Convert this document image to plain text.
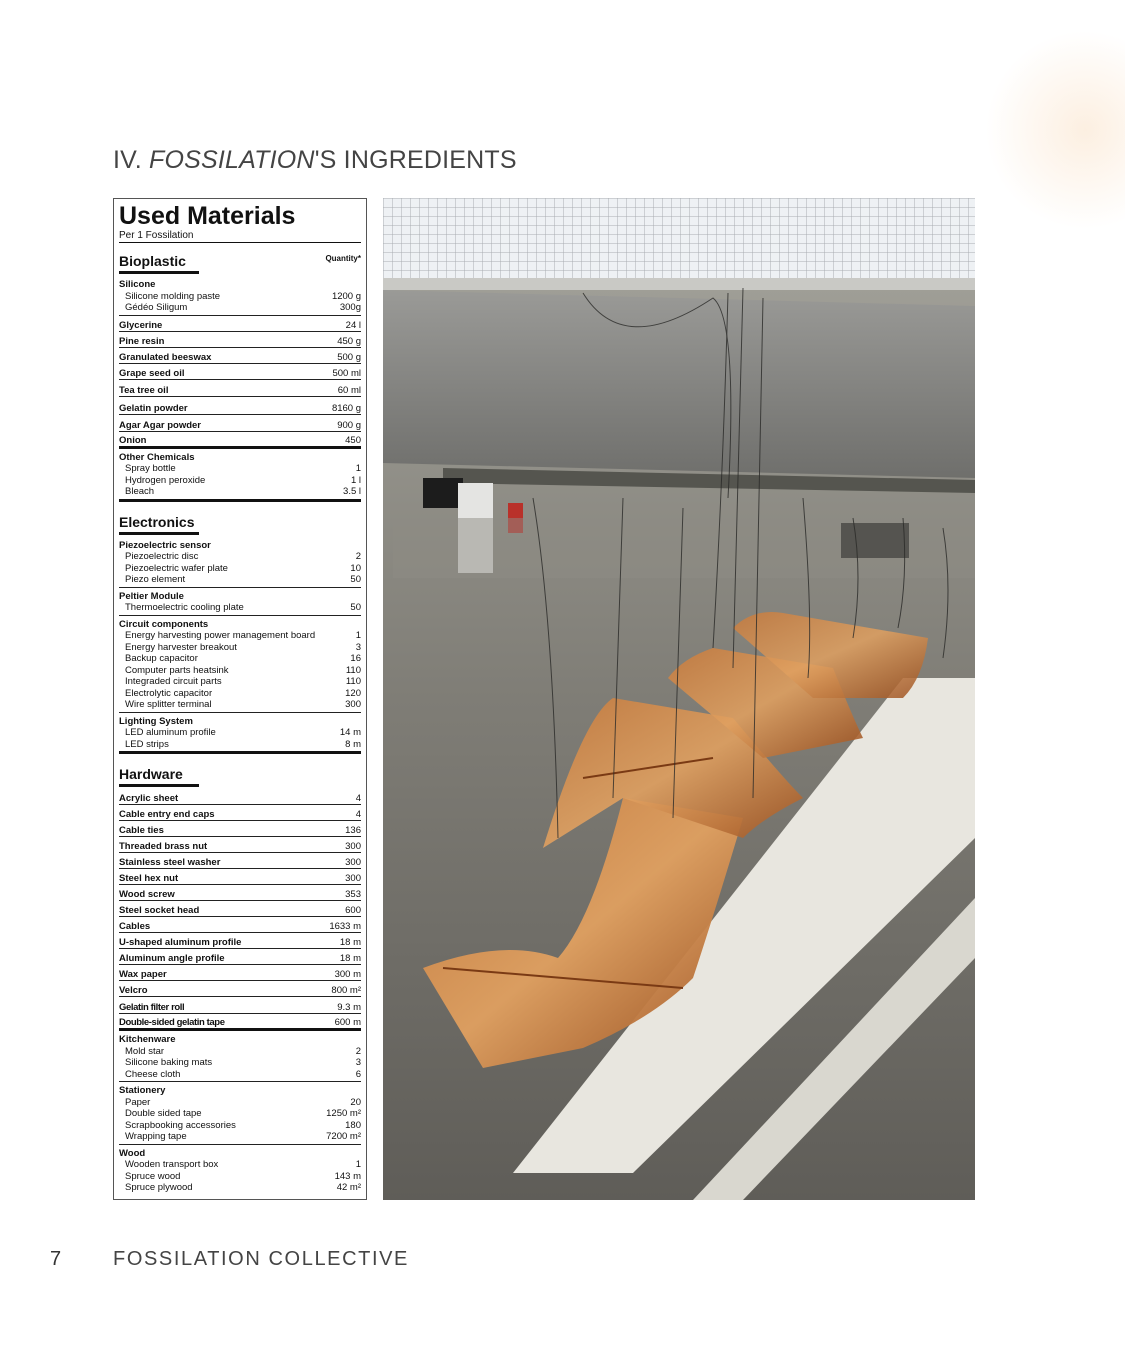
IV. FOSSILATION'S INGREDIENTS
Used Materials
Per 1 Fossilation
Bioplastic	Quantity*
Silicone
Silicone molding paste	1200 g
Gédéo Siligum	300g
Glycerine	24 l
Pine resin	450 g
Granulated beeswax	500 g
Grape seed oil	500 ml
Tea tree oil	60 ml
Gelatin powder	8160 g
Agar Agar powder	900 g
Onion	450
Other Chemicals
Spray bottle	1
Hydrogen peroxide	1 l
Bleach	3.5 l
Electronics
Piezoelectric sensor
Piezoelectric disc	2
Piezoelectric wafer plate	10
Piezo element	50
Peltier Module
Thermoelectric cooling plate	50
Circuit components
Energy harvesting power management board	1
Energy harvester breakout	3
Backup capacitor	16
Computer parts heatsink	110
Integraded circuit parts	110
Electrolytic capacitor	120
Wire splitter terminal	300
Lighting System
LED aluminum profile	14 m
LED strips	8 m
Hardware
Acrylic sheet	4
Cable entry end caps	4
Cable ties	136
Threaded brass nut	300
Stainless steel washer	300
Steel hex nut	300
Wood screw	353
Steel socket head	600
Cables	1633 m
U-shaped aluminum profile	18 m
Aluminum angle profile	18 m
Wax paper	300 m
Velcro	800 m²
Gelatin filter roll	9.3 m
Double-sided gelatin tape	600 m
Kitchenware
Mold star	2
Silicone baking mats	3
Cheese cloth	6
Stationery
Paper	20
Double sided tape	1250 m²
Scrapbooking accessories	180
Wrapping tape	7200 m²
Wood
Wooden transport box	1
Spruce wood	143 m
Spruce plywood	42 m²
7	FOSSILATION COLLECTIVE
